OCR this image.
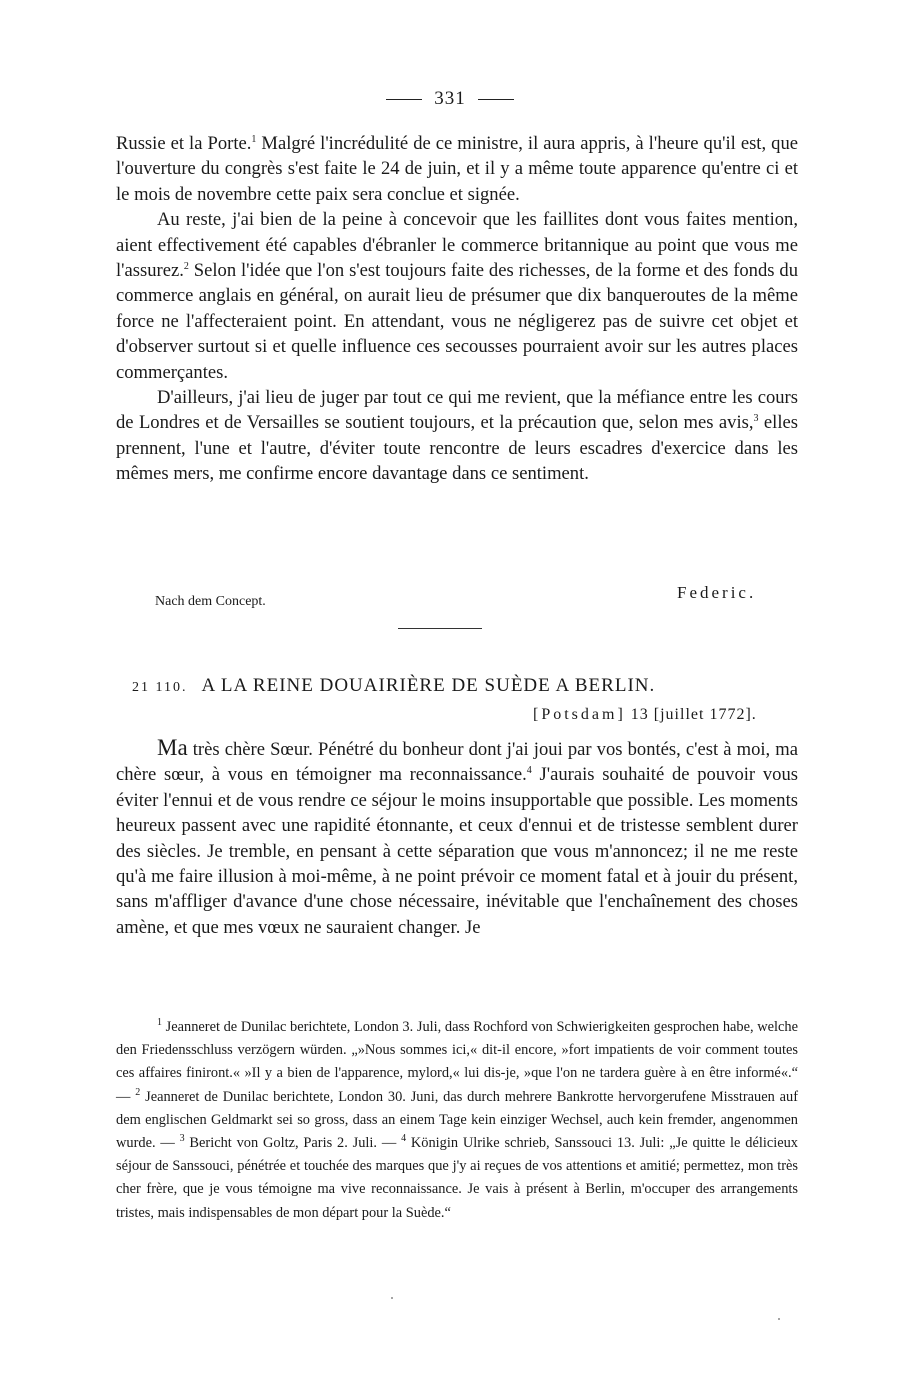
331

Russie et la Porte.$^1$ Malgré l'incrédulité de ce ministre, il aura appris, à l'heure qu'il est, que l'ouverture du congrès s'est faite le 24 de juin, et il y a même toute apparence qu'entre ci et le mois de novembre cette paix sera conclue et signée.

Au reste, j'ai bien de la peine à concevoir que les faillites dont vous faites mention, aient effectivement été capables d'ébranler le commerce britannique au point que vous me l'assurez.$^2$ Selon l'idée que l'on s'est toujours faite des richesses, de la forme et des fonds du commerce anglais en général, on aurait lieu de présumer que dix banqueroutes de la même force ne l'affecteraient point. En attendant, vous ne négligerez pas de suivre cet objet et d'observer surtout si et quelle influence ces secousses pourraient avoir sur les autres places commerçantes.

D'ailleurs, j'ai lieu de juger par tout ce qui me revient, que la méfiance entre les cours de Londres et de Versailles se soutient toujours, et la précaution que, selon mes avis,$^3$ elles prennent, l'une et l'autre, d'éviter toute rencontre de leurs escadres d'exercice dans les mêmes mers, me confirme encore davantage dans ce sentiment.

Nach dem Concept.	Federic.
21 110. A LA REINE DOUAIRIÈRE DE SUÈDE A BERLIN.
[Potsdam] 13 [juillet 1772].

Ma très chère Sœur. Pénétré du bonheur dont j'ai joui par vos bontés, c'est à moi, ma chère sœur, à vous en témoigner ma reconnaissance.$^4$ J'aurais souhaité de pouvoir vous éviter l'ennui et de vous rendre ce séjour le moins insupportable que possible. Les moments heureux passent avec une rapidité étonnante, et ceux d'ennui et de tristesse semblent durer des siècles. Je tremble, en pensant à cette séparation que vous m'annoncez; il ne me reste qu'à me faire illusion à moi-même, à ne point prévoir ce moment fatal et à jouir du présent, sans m'affliger d'avance d'une chose nécessaire, inévitable que l'enchaînement des choses amène, et que mes vœux ne sauraient changer. Je

$^1$ Jeanneret de Dunilac berichtete, London 3. Juli, dass Rochford von Schwierigkeiten gesprochen habe, welche den Friedensschluss verzögern würden. „»Nous sommes ici,« dit-il encore, »fort impatients de voir comment toutes ces affaires finiront.« »Il y a bien de l'apparence, mylord,« lui dis-je, »que l'on ne tardera guère à en être informé«.“ — $^2$ Jeanneret de Dunilac berichtete, London 30. Juni, das durch mehrere Bankrotte hervorgerufene Misstrauen auf dem englischen Geldmarkt sei so gross, dass an einem Tage kein einziger Wechsel, auch kein fremder, angenommen wurde. — $^3$ Bericht von Goltz, Paris 2. Juli. — $^4$ Königin Ulrike schrieb, Sanssouci 13. Juli: „Je quitte le délicieux séjour de Sanssouci, pénétrée et touchée des marques que j'y ai reçues de vos attentions et amitié; permettez, mon très cher frère, que je vous témoigne ma vive reconnaissance. Je vais à présent à Berlin, m'occuper des arrangements tristes, mais indispensables de mon départ pour la Suède.“
